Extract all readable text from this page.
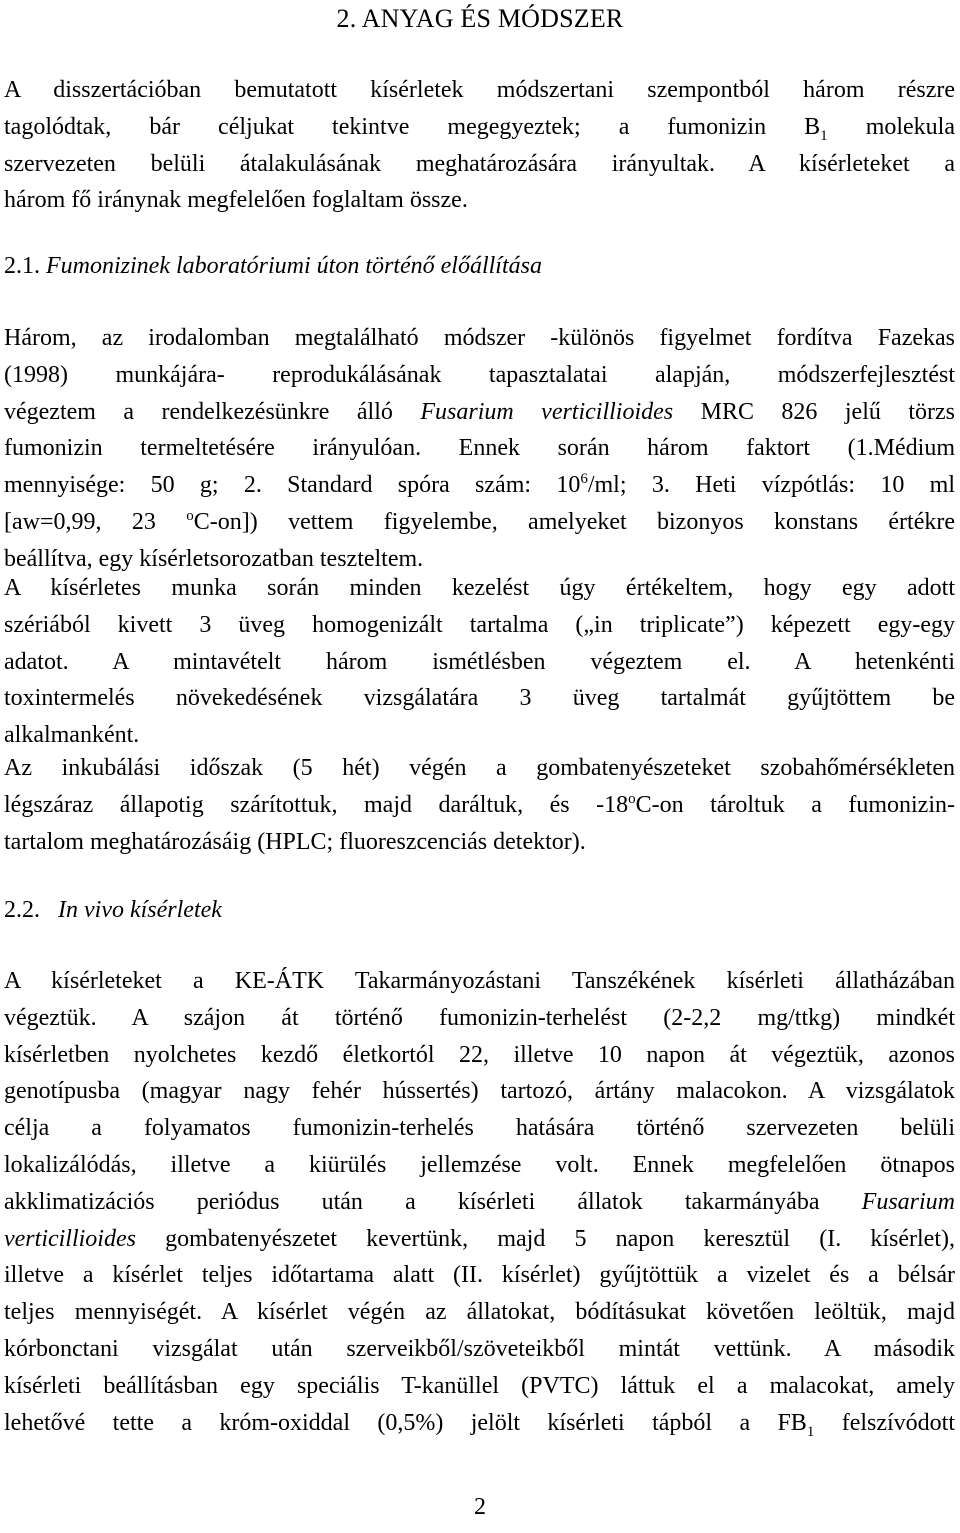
2. ANYAG ÉS MÓDSZER
A disszertációban bemutatott kísérletek módszertani szempontból három részre
tagolódtak, bár céljukat tekintve megegyeztek; a fumonizin $B_1$ molekula
szervezeten belüli átalakulásának meghatározására irányultak. A kísérleteket a
három fő iránynak megfelelően foglaltam össze.
2.1. Fumonizinek laboratóriumi úton történő előállítása
Három, az irodalomban megtalálható módszer -különös figyelmet fordítva Fazekas
(1998) munkájára- reprodukálásának tapasztalatai alapján, módszerfejlesztést
végeztem a rendelkezésünkre álló Fusarium verticillioides MRC 826 jelű törzs
fumonizin termeltetésére irányulóan. Ennek során három faktort (1.Médium
mennyisége: 50 g; 2. Standard spóra szám: $10^6/ml$; 3. Heti vízpótlás: 10 ml
[aw=0,99, 23 $^o$C-on]) vettem figyelembe, amelyeket bizonyos konstans értékre
beállítva, egy kísérletsorozatban teszteltem.
A kísérletes munka során minden kezelést úgy értékeltem, hogy egy adott
szériából kivett 3 üveg homogenizált tartalma („in triplicate”) képezett egy-egy
adatot. A mintavételt három ismétlésben végeztem el. A hetenkénti
toxintermelés növekedésének vizsgálatára 3 üveg tartalmát gyűjtöttem be
alkalmanként.
Az inkubálási időszak (5 hét) végén a gombatenyészeteket szobahőmérsékleten
légszáraz állapotig szárítottuk, majd daráltuk, és -18$^o$C-on tároltuk a fumonizin-
tartalom meghatározásáig (HPLC; fluoreszcenciás detektor).
2.2. In vivo kísérletek
A kísérleteket a KE-ÁTK Takarmányozástani Tanszékének kísérleti állatházában
végeztük. A szájon át történő fumonizin-terhelést (2-2,2 mg/ttkg) mindkét
kísérletben nyolchetes kezdő életkortól 22, illetve 10 napon át végeztük, azonos
genotípusba (magyar nagy fehér hússertés) tartozó, ártány malacokon. A vizsgálatok
célja a folyamatos fumonizin-terhelés hatására történő szervezeten belüli
lokalizálódás, illetve a kiürülés jellemzése volt. Ennek megfelelően ötnapos
akklimatizációs periódus után a kísérleti állatok takarmányába Fusarium
verticillioides gombatenyészetet kevertünk, majd 5 napon keresztül (I. kísérlet),
illetve a kísérlet teljes időtartama alatt (II. kísérlet) gyűjtöttük a vizelet és a bélsár
teljes mennyiségét. A kísérlet végén az állatokat, bódításukat követően leöltük, majd
kórbonctani vizsgálat után szerveikből/szöveteikből mintát vettünk. A második
kísérleti beállításban egy speciális T-kanüllel (PVTC) láttuk el a malacokat, amely
lehetővé tette a króm-oxiddal (0,5%) jelölt kísérleti tápból a $FB_1$ felszívódott
2
